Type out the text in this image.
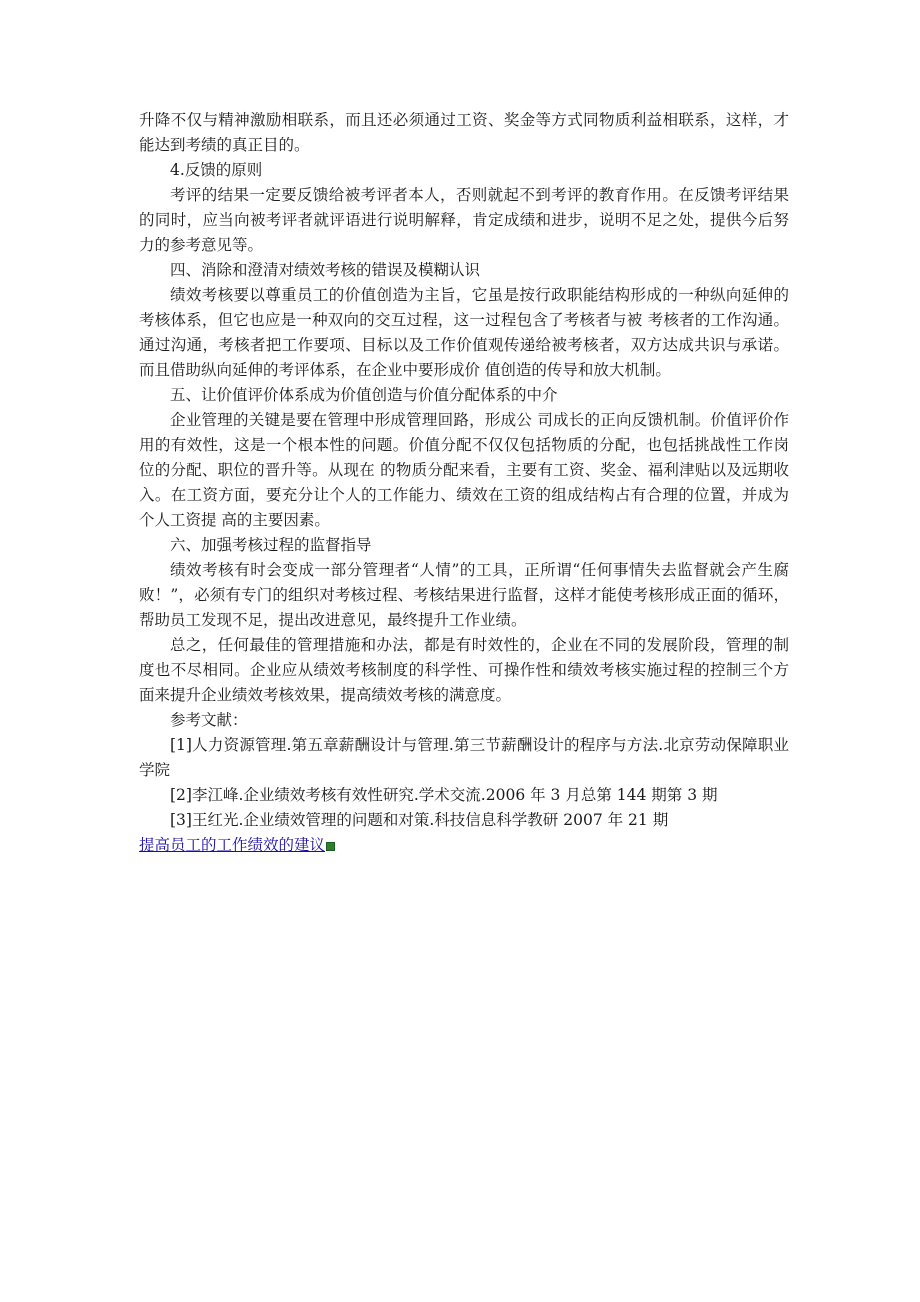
升降不仅与精神激励相联系，而且还必须通过工资、奖金等方式同物质利益相联系，这样，才能达到考绩的真正目的。

4.反馈的原则

考评的结果一定要反馈给被考评者本人，否则就起不到考评的教育作用。在反馈考评结果的同时，应当向被考评者就评语进行说明解释，肯定成绩和进步，说明不足之处，提供今后努力的参考意见等。

四、消除和澄清对绩效考核的错误及模糊认识

绩效考核要以尊重员工的价值创造为主旨，它虽是按行政职能结构形成的一种纵向延伸的考核体系，但它也应是一种双向的交互过程，这一过程包含了考核者与被 考核者的工作沟通。通过沟通，考核者把工作要项、目标以及工作价值观传递给被考核者，双方达成共识与承诺。而且借助纵向延伸的考评体系，在企业中要形成价 值创造的传导和放大机制。

五、让价值评价体系成为价值创造与价值分配体系的中介

企业管理的关键是要在管理中形成管理回路，形成公 司成长的正向反馈机制。价值评价作用的有效性，这是一个根本性的问题。价值分配不仅仅包括物质的分配，也包括挑战性工作岗位的分配、职位的晋升等。从现在 的物质分配来看，主要有工资、奖金、福利津贴以及远期收入。在工资方面，要充分让个人的工作能力、绩效在工资的组成结构占有合理的位置，并成为个人工资提 高的主要因素。

六、加强考核过程的监督指导

绩效考核有时会变成一部分管理者“人情”的工具，正所谓“任何事情失去监督就会产生腐败！”，必须有专门的组织对考核过程、考核结果进行监督，这样才能使考核形成正面的循环，帮助员工发现不足，提出改进意见，最终提升工作业绩。

总之，任何最佳的管理措施和办法，都是有时效性的，企业在不同的发展阶段，管理的制度也不尽相同。企业应从绩效考核制度的科学性、可操作性和绩效考核实施过程的控制三个方面来提升企业绩效考核效果，提高绩效考核的满意度。

参考文献：

[1]人力资源管理.第五章薪酬设计与管理.第三节薪酬设计的程序与方法.北京劳动保障职业学院

[2]李江峰.企业绩效考核有效性研究.学术交流.2006 年 3 月总第 144 期第 3 期

[3]王红光.企业绩效管理的问题和对策.科技信息科学教研 2007 年 21 期

提高员工的工作绩效的建议
